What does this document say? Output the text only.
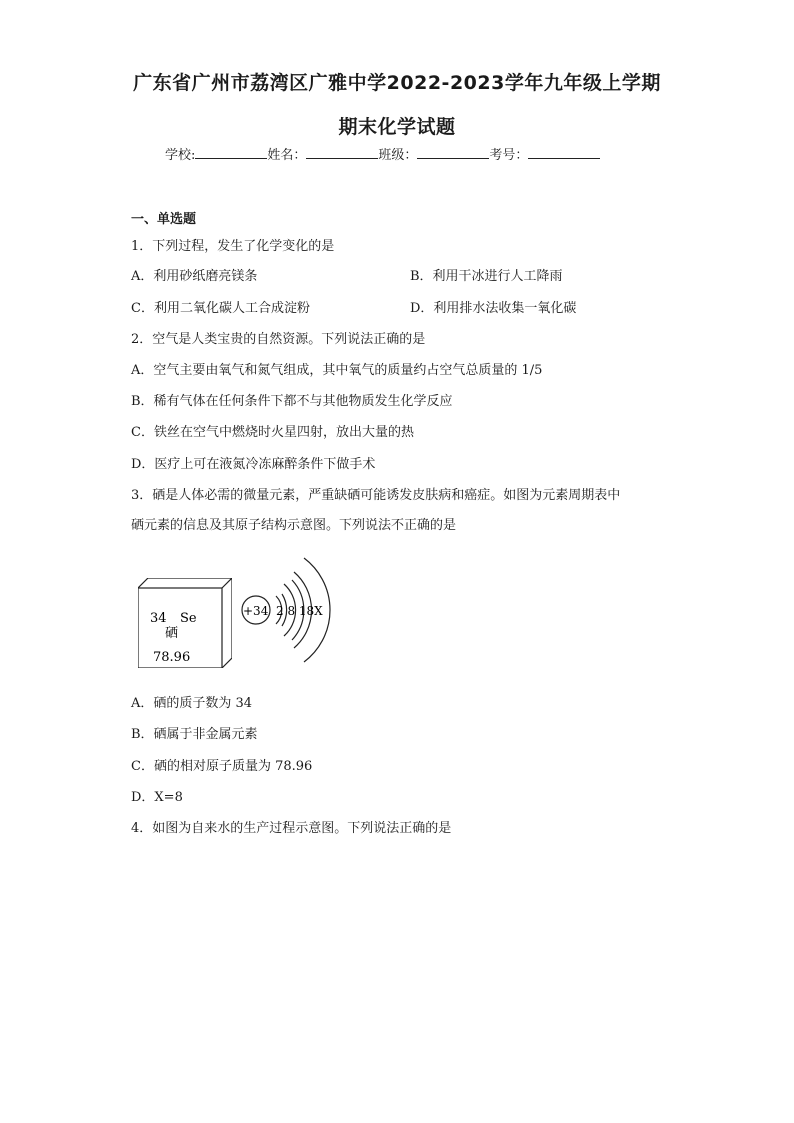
广东省广州市荔湾区广雅中学2022-2023学年九年级上学期
期末化学试题
学校:	姓名：	班级：	考号：
一、单选题
1．下列过程，发生了化学变化的是
A．利用砂纸磨亮镁条	B．利用干冰进行人工降雨
C．利用二氧化碳人工合成淀粉	D．利用排水法收集一氧化碳
2．空气是人类宝贵的自然资源。下列说法正确的是
A．空气主要由氧气和氮气组成，其中氧气的质量约占空气总质量的 1/5
B．稀有气体在任何条件下都不与其他物质发生化学反应
C．铁丝在空气中燃烧时火星四射，放出大量的热
D．医疗上可在液氮冷冻麻醉条件下做手术
3．硒是人体必需的微量元素，严重缺硒可能诱发皮肤病和癌症。如图为元素周期表中
硒元素的信息及其原子结构示意图。下列说法不正确的是
34 Se
硒
78.96
+34 2 8 18X
A．硒的质子数为 34
B．硒属于非金属元素
C．硒的相对原子质量为 78.96
D．X=8
4．如图为自来水的生产过程示意图。下列说法正确的是
